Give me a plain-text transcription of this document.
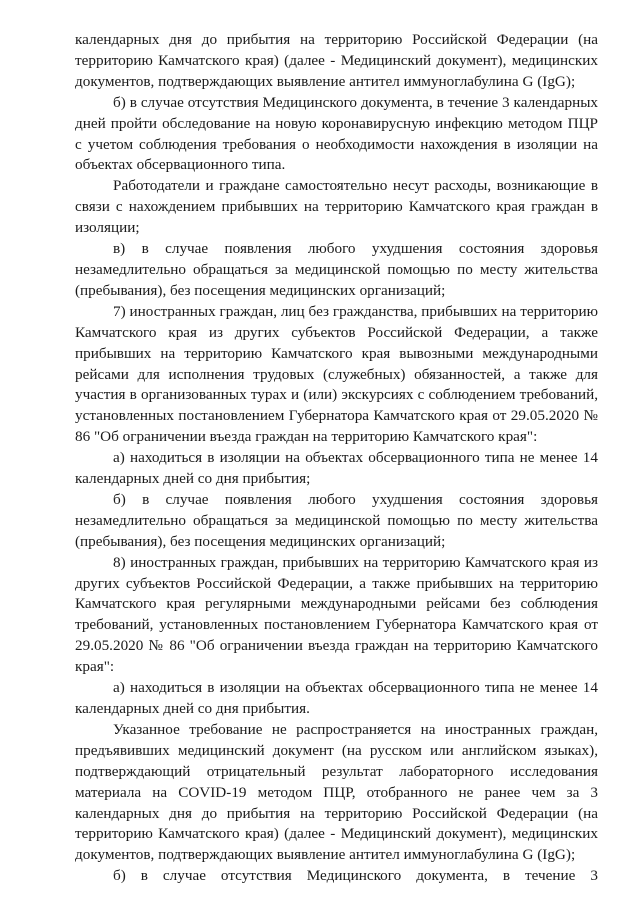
календарных дня до прибытия на территорию Российской Федерации (на территорию Камчатского края) (далее - Медицинский документ), медицинских документов, подтверждающих выявление антител иммуноглабулина G (IgG);

б) в случае отсутствия Медицинского документа, в течение 3 календарных дней пройти обследование на новую коронавирусную инфекцию методом ПЦР с учетом соблюдения требования о необходимости нахождения в изоляции на объектах обсервационного типа.

Работодатели и граждане самостоятельно несут расходы, возникающие в связи с нахождением прибывших на территорию Камчатского края граждан в изоляции;

в) в случае появления любого ухудшения состояния здоровья незамедлительно обращаться за медицинской помощью по месту жительства (пребывания), без посещения медицинских организаций;

7) иностранных граждан, лиц без гражданства, прибывших на территорию Камчатского края из других субъектов Российской Федерации, а также прибывших на территорию Камчатского края вывозными международными рейсами для исполнения трудовых (служебных) обязанностей, а также для участия в организованных турах и (или) экскурсиях с соблюдением требований, установленных постановлением Губернатора Камчатского края от 29.05.2020 № 86 "Об ограничении въезда граждан на территорию Камчатского края":

а) находиться в изоляции на объектах обсервационного типа не менее 14 календарных дней со дня прибытия;

б) в случае появления любого ухудшения состояния здоровья незамедлительно обращаться за медицинской помощью по месту жительства (пребывания), без посещения медицинских организаций;

8) иностранных граждан, прибывших на территорию Камчатского края из других субъектов Российской Федерации, а также прибывших на территорию Камчатского края регулярными международными рейсами без соблюдения требований, установленных постановлением Губернатора Камчатского края от 29.05.2020 № 86 "Об ограничении въезда граждан на территорию Камчатского края":

а) находиться в изоляции на объектах обсервационного типа не менее 14 календарных дней со дня прибытия.

Указанное требование не распространяется на иностранных граждан, предъявивших медицинский документ (на русском или английском языках), подтверждающий отрицательный результат лабораторного исследования материала на COVID-19 методом ПЦР, отобранного не ранее чем за 3 календарных дня до прибытия на территорию Российской Федерации (на территорию Камчатского края) (далее - Медицинский документ), медицинских документов, подтверждающих выявление антител иммуноглабулина G (IgG);

б) в случае отсутствия Медицинского документа, в течение 3
